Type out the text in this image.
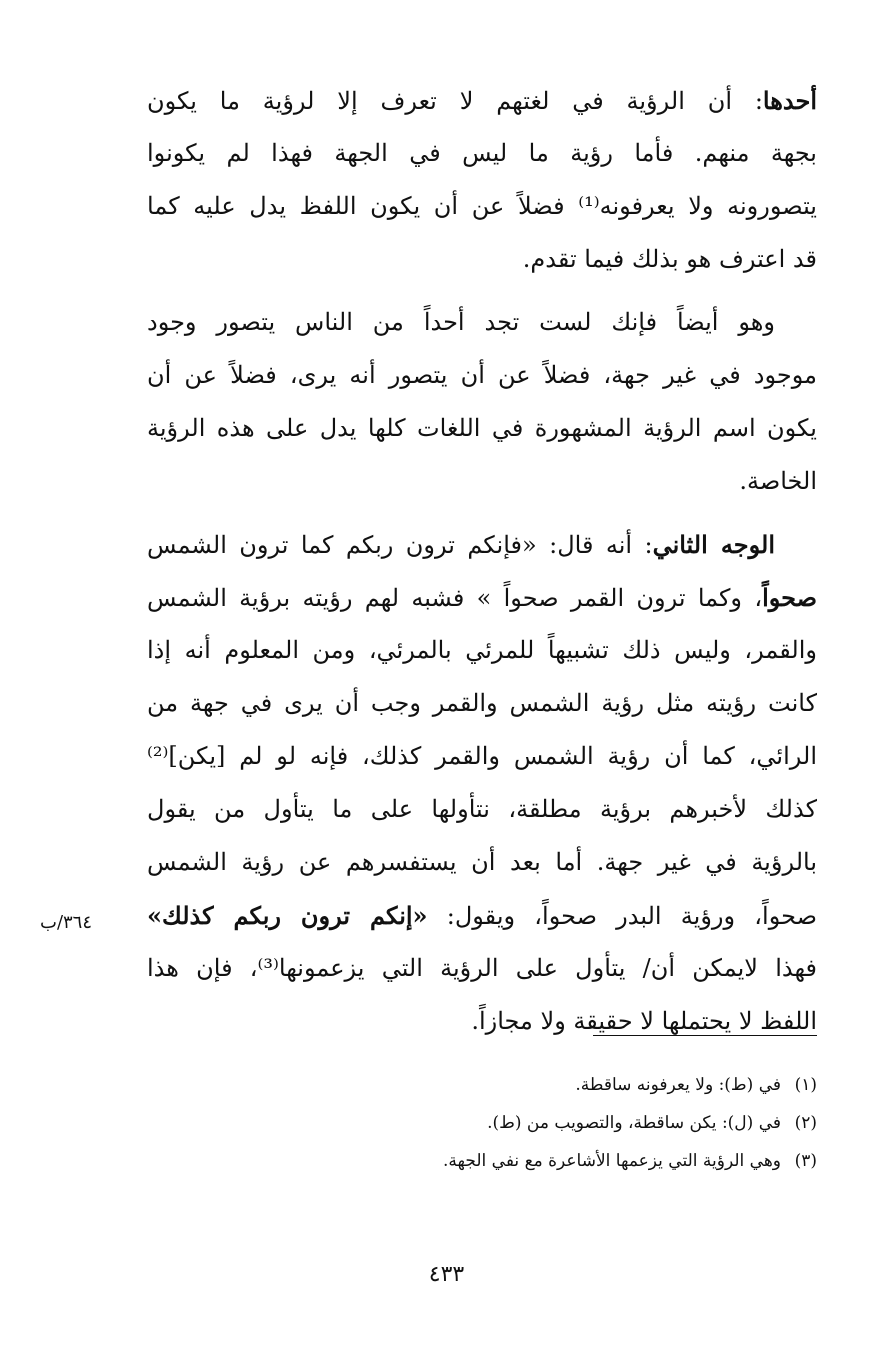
أحدها: أن الرؤية في لغتهم لا تعرف إلا لرؤية ما يكون
بجهة منهم. فأما رؤية ما ليس في الجهة فهذا لم يكونوا
يتصورونه ولا يعرفونه⁽¹⁾ فضلاً عن أن يكون اللفظ يدل عليه كما
قد اعترف هو بذلك فيما تقدم.
وهو أيضاً فإنك لست تجد أحداً من الناس يتصور وجود
موجود في غير جهة، فضلاً عن أن يتصور أنه يرى، فضلاً عن أن
يكون اسم الرؤية المشهورة في اللغات كلها يدل على هذه الرؤية
الخاصة.
الوجه الثاني: أنه قال: «فإنكم ترون ربكم كما ترون الشمس
صحواً، وكما ترون القمر صحواً » فشبه لهم رؤيته برؤية الشمس
والقمر، وليس ذلك تشبيهاً للمرئي بالمرئي، ومن المعلوم أنه إذا
كانت رؤيته مثل رؤية الشمس والقمر وجب أن يرى في جهة من
الرائي، كما أن رؤية الشمس والقمر كذلك، فإنه لو لم [يكن]⁽²⁾
كذلك لأخبرهم برؤية مطلقة، نتأولها على ما يتأول من يقول
بالرؤية في غير جهة. أما بعد أن يستفسرهم عن رؤية الشمس
صحواً، ورؤية البدر صحواً، ويقول: «إنكم ترون ربكم كذلك»
فهذا لايمكن أن/ يتأول على الرؤية التي يزعمونها⁽³⁾، فإن هذا
اللفظ لا يحتملها لا حقيقة ولا مجازاً.
٣٦٤/ب
(١)في (ط): ولا يعرفونه ساقطة.
(٢)في (ل): يكن ساقطة، والتصويب من (ط).
(٣)وهي الرؤية التي يزعمها الأشاعرة مع نفي الجهة.
٤٣٣
